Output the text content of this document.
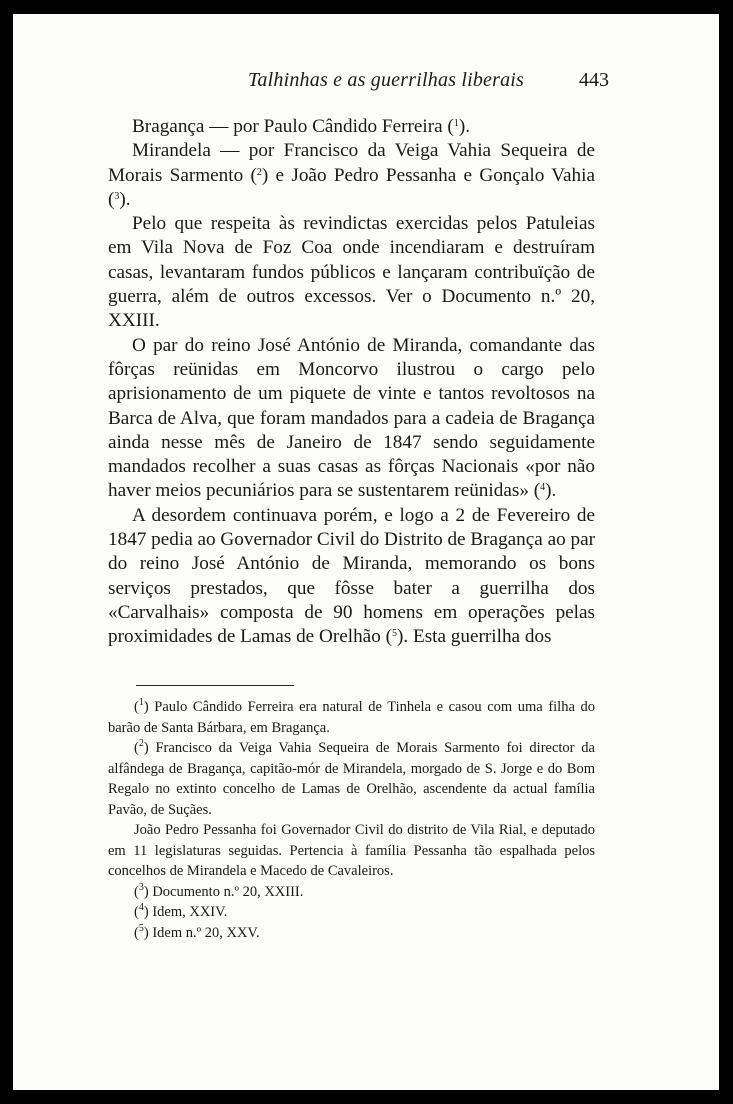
Talhinhas e as guerrilhas liberais	443

Bragança — por Paulo Cândido Ferreira ($^1$).

Mirandela — por Francisco da Veiga Vahia Sequeira de Morais Sarmento ($^2$) e João Pedro Pessanha e Gonçalo Vahia ($^3$).

Pelo que respeita às revindictas exercidas pelos Patuleias em Vila Nova de Foz Coa onde incendiaram e destruíram casas, levantaram fundos públicos e lançaram contribuïção de guerra, além de outros excessos. Ver o Documento n.º 20, XXIII.

O par do reino José António de Miranda, comandante das fôrças reünidas em Moncorvo ilustrou o cargo pelo aprisionamento de um piquete de vinte e tantos revoltosos na Barca de Alva, que foram mandados para a cadeia de Bragança ainda nesse mês de Janeiro de 1847 sendo seguidamente mandados recolher a suas casas as fôrças Nacionais «por não haver meios pecuniários para se sustentarem reünidas» ($^4$).

A desordem continuava porém, e logo a 2 de Fevereiro de 1847 pedia ao Governador Civil do Distrito de Bragança ao par do reino José António de Miranda, memorando os bons serviços prestados, que fôsse bater a guerrilha dos «Carvalhais» composta de 90 homens em operações pelas proximidades de Lamas de Orelhão ($^5$). Esta guerrilha dos

($^1$) Paulo Cândido Ferreira era natural de Tinhela e casou com uma filha do barão de Santa Bárbara, em Bragança.

($^2$) Francisco da Veiga Vahia Sequeira de Morais Sarmento foi director da alfândega de Bragança, capitão-mór de Mirandela, morgado de S. Jorge e do Bom Regalo no extinto concelho de Lamas de Orelhão, ascendente da actual família Pavão, de Suçães.

João Pedro Pessanha foi Governador Civil do distrito de Vila Rial, e deputado em 11 legislaturas seguidas. Pertencia à família Pessanha tão espalhada pelos concelhos de Mirandela e Macedo de Cavaleiros.

($^3$) Documento n.º 20, XXIII.

($^4$) Idem, XXIV.

($^5$) Idem n.º 20, XXV.
